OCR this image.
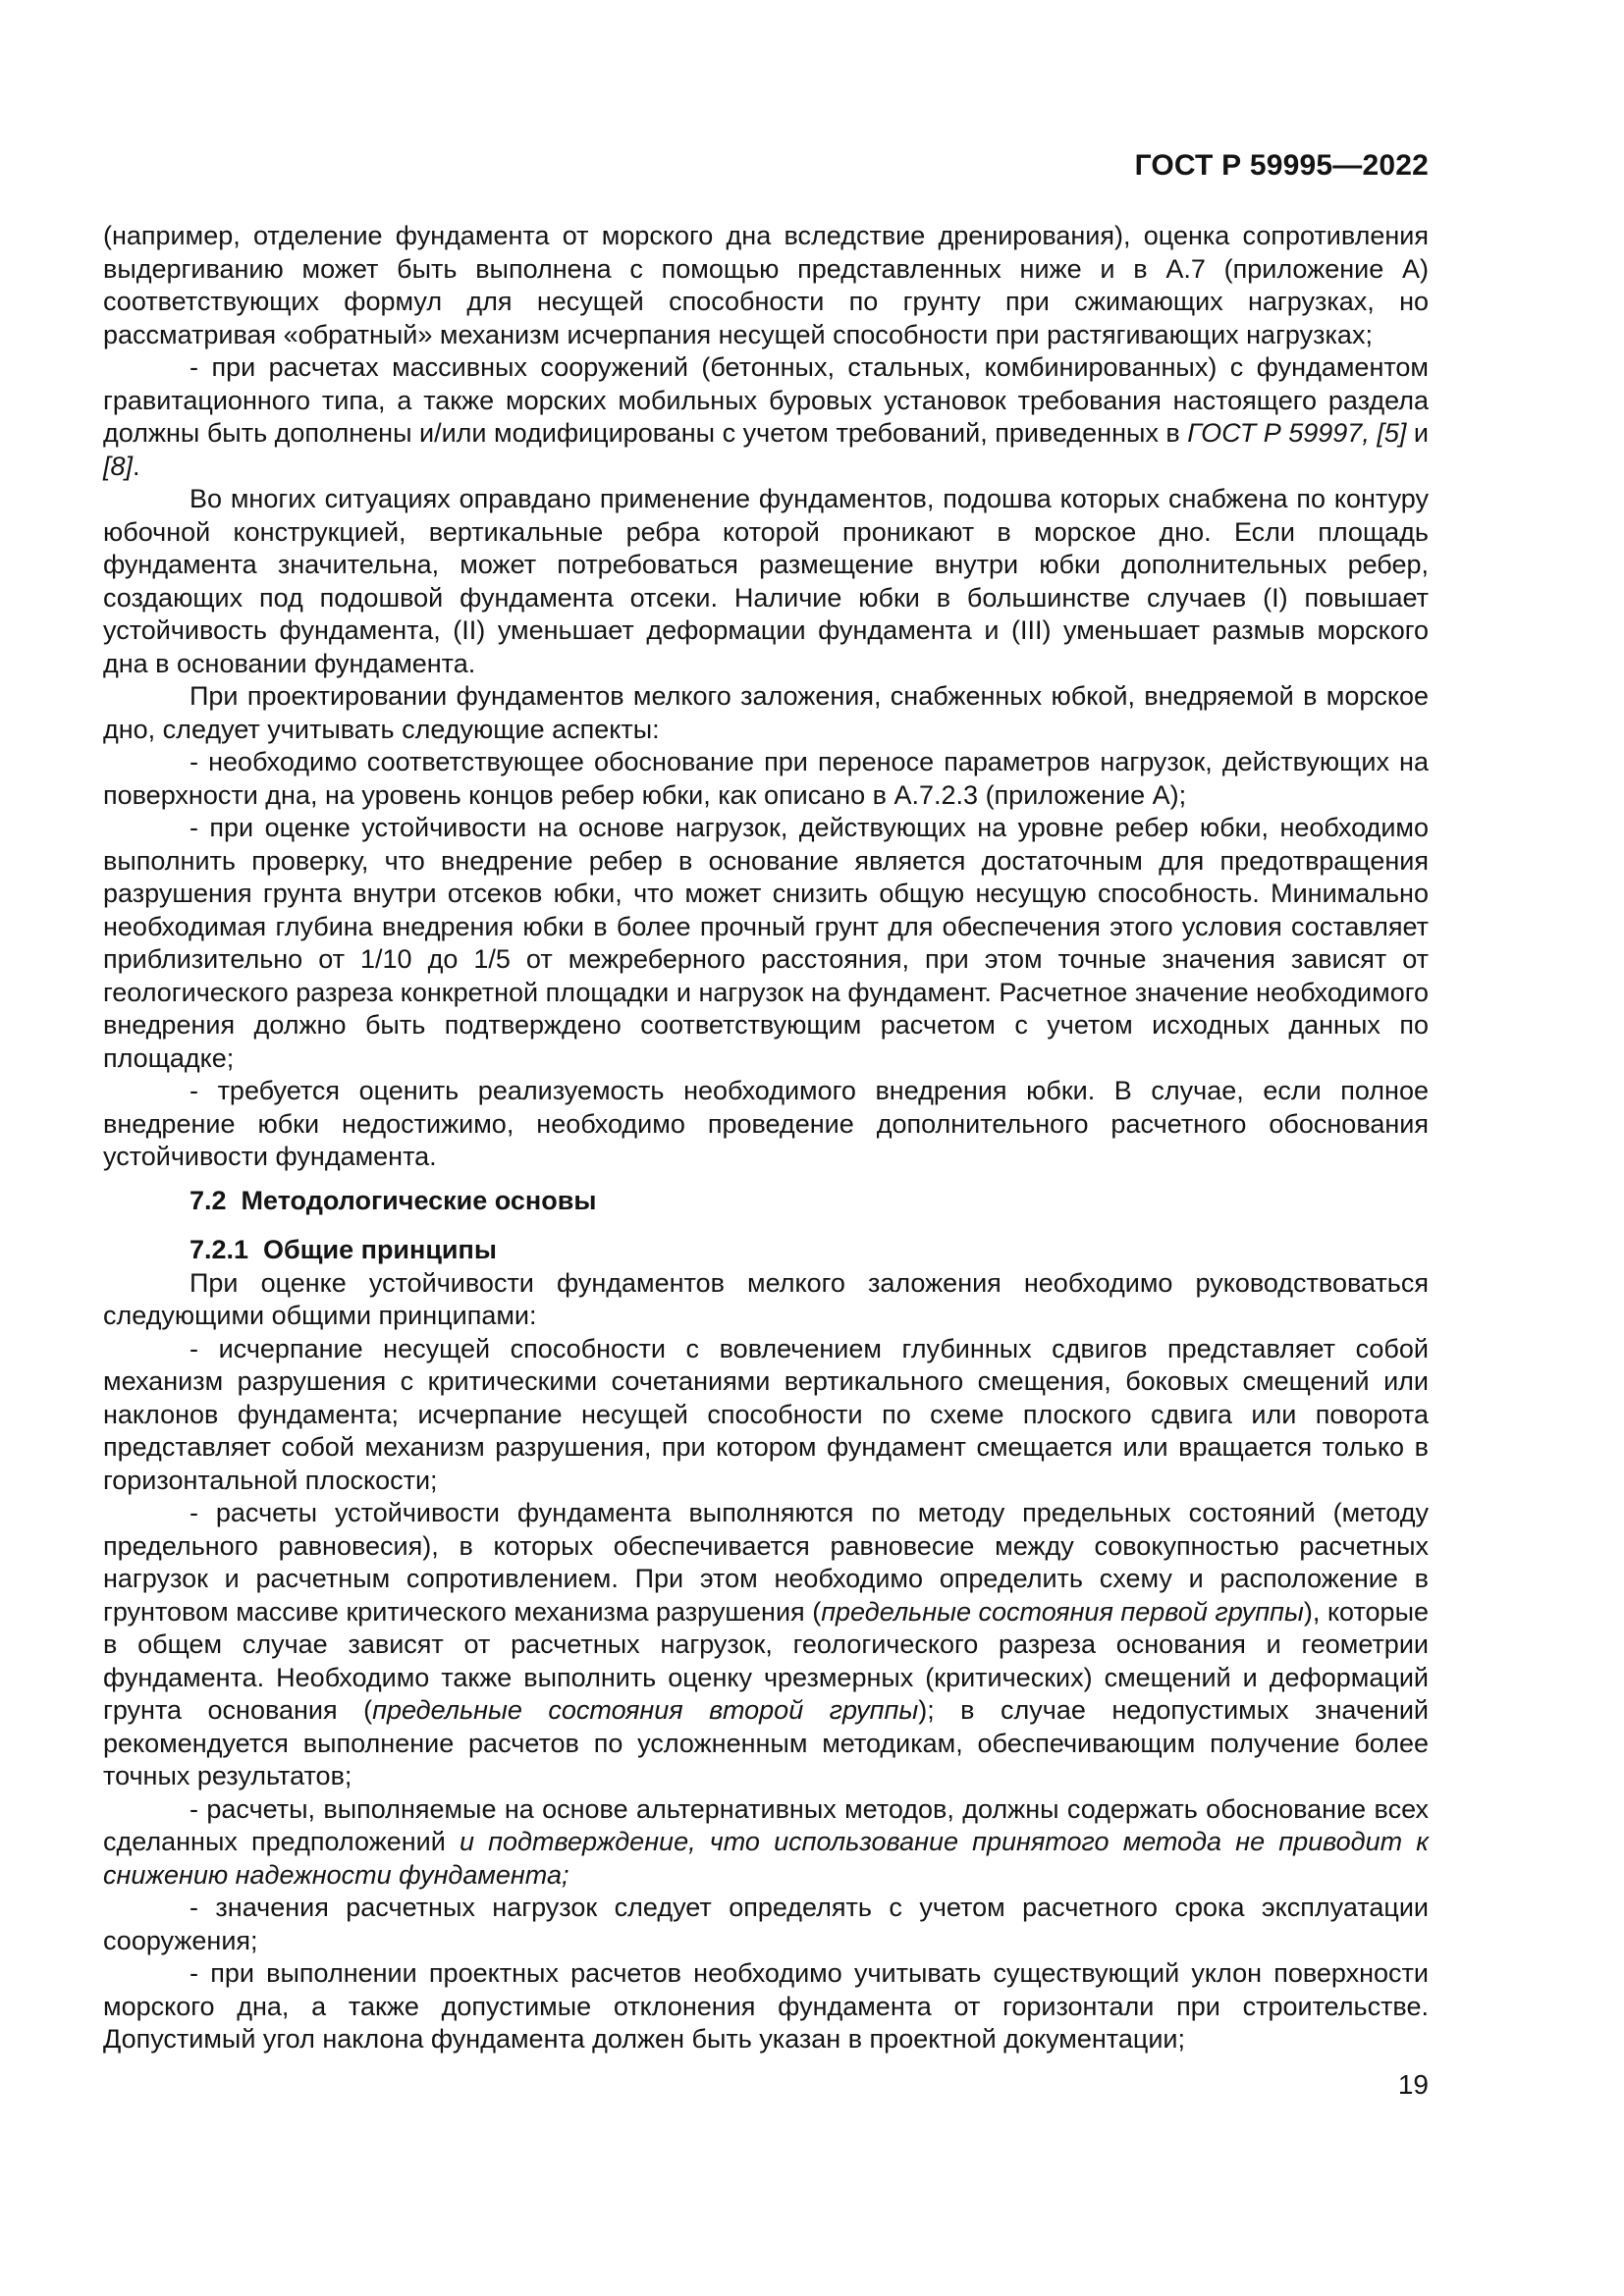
ГОСТ Р 59995—2022

(например, отделение фундамента от морского дна вследствие дренирования), оценка сопротивления выдергиванию может быть выполнена с помощью представленных ниже и в А.7 (приложение А) соответствующих формул для несущей способности по грунту при сжимающих нагрузках, но рассматривая «обратный» механизм исчерпания несущей способности при растягивающих нагрузках;

- при расчетах массивных сооружений (бетонных, стальных, комбинированных) с фундаментом гравитационного типа, а также морских мобильных буровых установок требования настоящего раздела должны быть дополнены и/или модифицированы с учетом требований, приведенных в ГОСТ Р 59997, [5] и [8].

Во многих ситуациях оправдано применение фундаментов, подошва которых снабжена по контуру юбочной конструкцией, вертикальные ребра которой проникают в морское дно. Если площадь фундамента значительна, может потребоваться размещение внутри юбки дополнительных ребер, создающих под подошвой фундамента отсеки. Наличие юбки в большинстве случаев (I) повышает устойчивость фундамента, (II) уменьшает деформации фундамента и (III) уменьшает размыв морского дна в основании фундамента.

При проектировании фундаментов мелкого заложения, снабженных юбкой, внедряемой в морское дно, следует учитывать следующие аспекты:

- необходимо соответствующее обоснование при переносе параметров нагрузок, действующих на поверхности дна, на уровень концов ребер юбки, как описано в А.7.2.3 (приложение А);

- при оценке устойчивости на основе нагрузок, действующих на уровне ребер юбки, необходимо выполнить проверку, что внедрение ребер в основание является достаточным для предотвращения разрушения грунта внутри отсеков юбки, что может снизить общую несущую способность. Минимально необходимая глубина внедрения юбки в более прочный грунт для обеспечения этого условия составляет приблизительно от 1/10 до 1/5 от межреберного расстояния, при этом точные значения зависят от геологического разреза конкретной площадки и нагрузок на фундамент. Расчетное значение необходимого внедрения должно быть подтверждено соответствующим расчетом с учетом исходных данных по площадке;

- требуется оценить реализуемость необходимого внедрения юбки. В случае, если полное внедрение юбки недостижимо, необходимо проведение дополнительного расчетного обоснования устойчивости фундамента.

7.2  Методологические основы

7.2.1  Общие принципы

При оценке устойчивости фундаментов мелкого заложения необходимо руководствоваться следующими общими принципами:

- исчерпание несущей способности с вовлечением глубинных сдвигов представляет собой механизм разрушения с критическими сочетаниями вертикального смещения, боковых смещений или наклонов фундамента; исчерпание несущей способности по схеме плоского сдвига или поворота представляет собой механизм разрушения, при котором фундамент смещается или вращается только в горизонтальной плоскости;

- расчеты устойчивости фундамента выполняются по методу предельных состояний (методу предельного равновесия), в которых обеспечивается равновесие между совокупностью расчетных нагрузок и расчетным сопротивлением. При этом необходимо определить схему и расположение в грунтовом массиве критического механизма разрушения (предельные состояния первой группы), которые в общем случае зависят от расчетных нагрузок, геологического разреза основания и геометрии фундамента. Необходимо также выполнить оценку чрезмерных (критических) смещений и деформаций грунта основания (предельные состояния второй группы); в случае недопустимых значений рекомендуется выполнение расчетов по усложненным методикам, обеспечивающим получение более точных результатов;

- расчеты, выполняемые на основе альтернативных методов, должны содержать обоснование всех сделанных предположений и подтверждение, что использование принятого метода не приводит к снижению надежности фундамента;

- значения расчетных нагрузок следует определять с учетом расчетного срока эксплуатации сооружения;

- при выполнении проектных расчетов необходимо учитывать существующий уклон поверхности морского дна, а также допустимые отклонения фундамента от горизонтали при строительстве. Допустимый угол наклона фундамента должен быть указан в проектной документации;

19
